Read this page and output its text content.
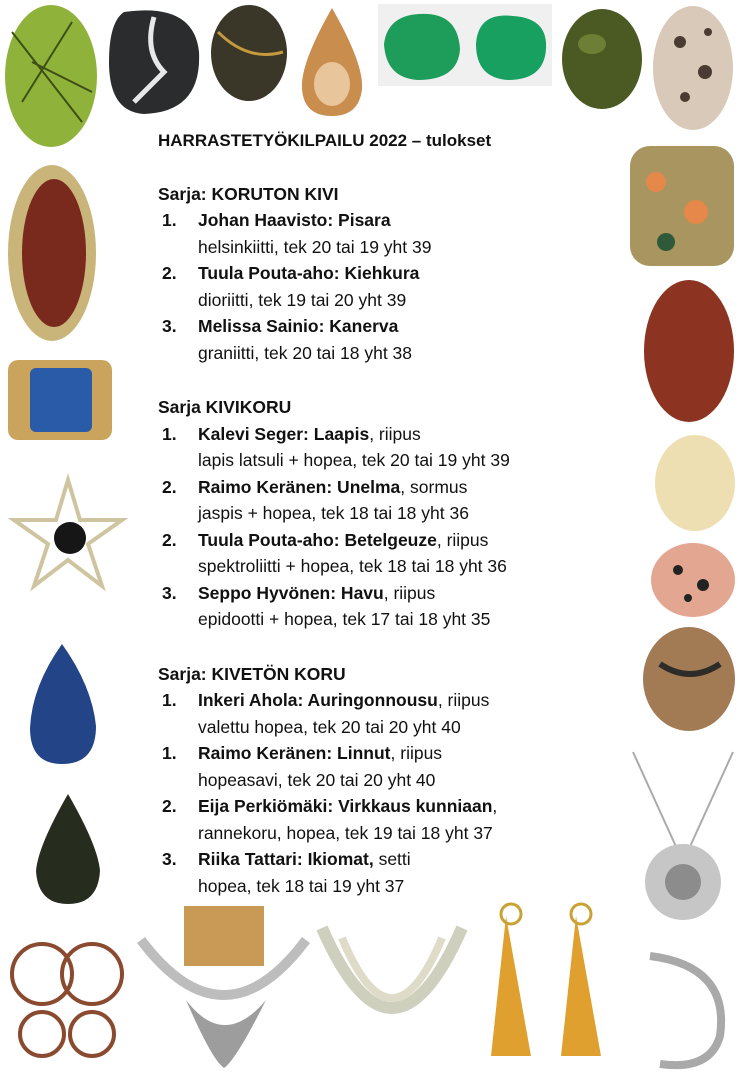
HARRASTETYÖKILPAILU 2022 – tulokset
Sarja: KORUTON KIVI
1. Johan Haavisto: Pisara
helsinkiitti, tek 20 tai 19 yht 39
2. Tuula Pouta-aho: Kiehkura
dioriitti, tek 19 tai 20 yht 39
3. Melissa Sainio: Kanerva
graniitti, tek 20 tai 18 yht 38
Sarja KIVIKORU
1. Kalevi Seger: Laapis, riipus
lapis latsuli + hopea, tek 20 tai 19 yht 39
2. Raimo Keränen: Unelma, sormus
jaspis + hopea, tek 18 tai 18 yht 36
2. Tuula Pouta-aho: Betelgeuze, riipus
spektroliitti + hopea, tek 18 tai 18 yht 36
3. Seppo Hyvönen: Havu, riipus
epidootti + hopea, tek 17 tai 18 yht 35
Sarja: KIVETÖN KORU
1. Inkeri Ahola: Auringonnousu, riipus
valettu hopea, tek 20 tai 20 yht 40
1. Raimo Keränen: Linnut, riipus
hopeasavi, tek 20 tai 20 yht 40
2. Eija Perkiömäki: Virkkaus kunniaan,
rannekoru, hopea, tek 19 tai 18 yht 37
3. Riika Tattari: Ikiomat, setti
hopea, tek 18 tai 19 yht 37
